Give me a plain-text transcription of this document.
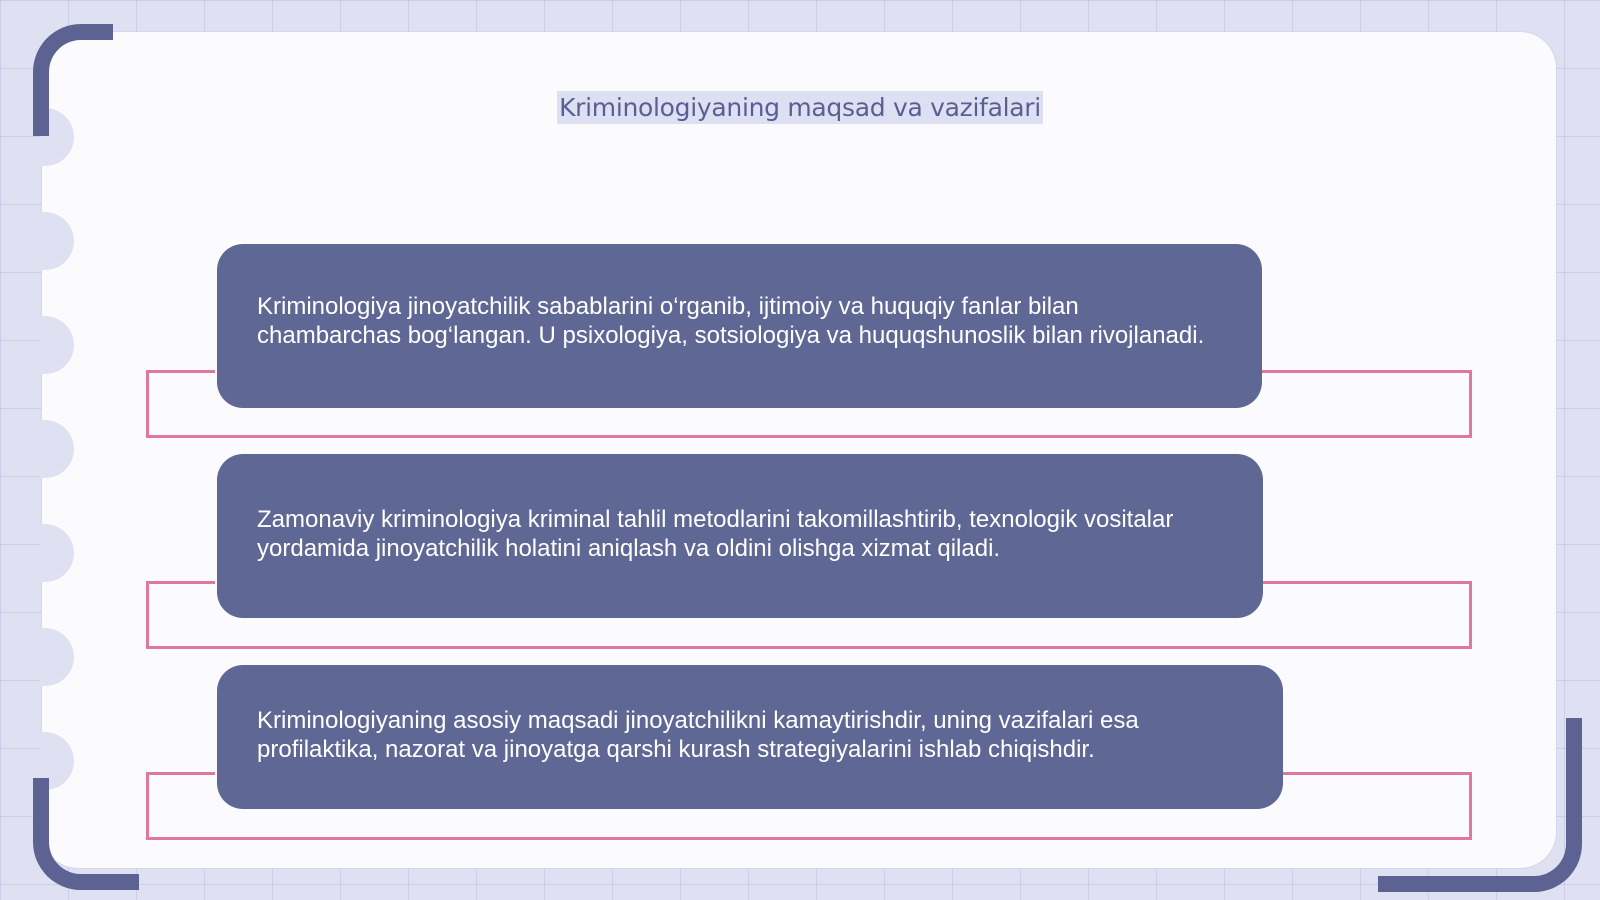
Kriminologiyaning maqsad va vazifalari

Kriminologiya jinoyatchilik sabablarini o‘rganib, ijtimoiy va huquqiy fanlar bilan chambarchas bog‘langan. U psixologiya, sotsiologiya va huquqshunoslik bilan rivojlanadi.

Zamonaviy kriminologiya kriminal tahlil metodlarini takomillashtirib, texnologik vositalar yordamida jinoyatchilik holatini aniqlash va oldini olishga xizmat qiladi.

Kriminologiyaning asosiy maqsadi jinoyatchilikni kamaytirishdir, uning vazifalari esa profilaktika, nazorat va jinoyatga qarshi kurash strategiyalarini ishlab chiqishdir.
